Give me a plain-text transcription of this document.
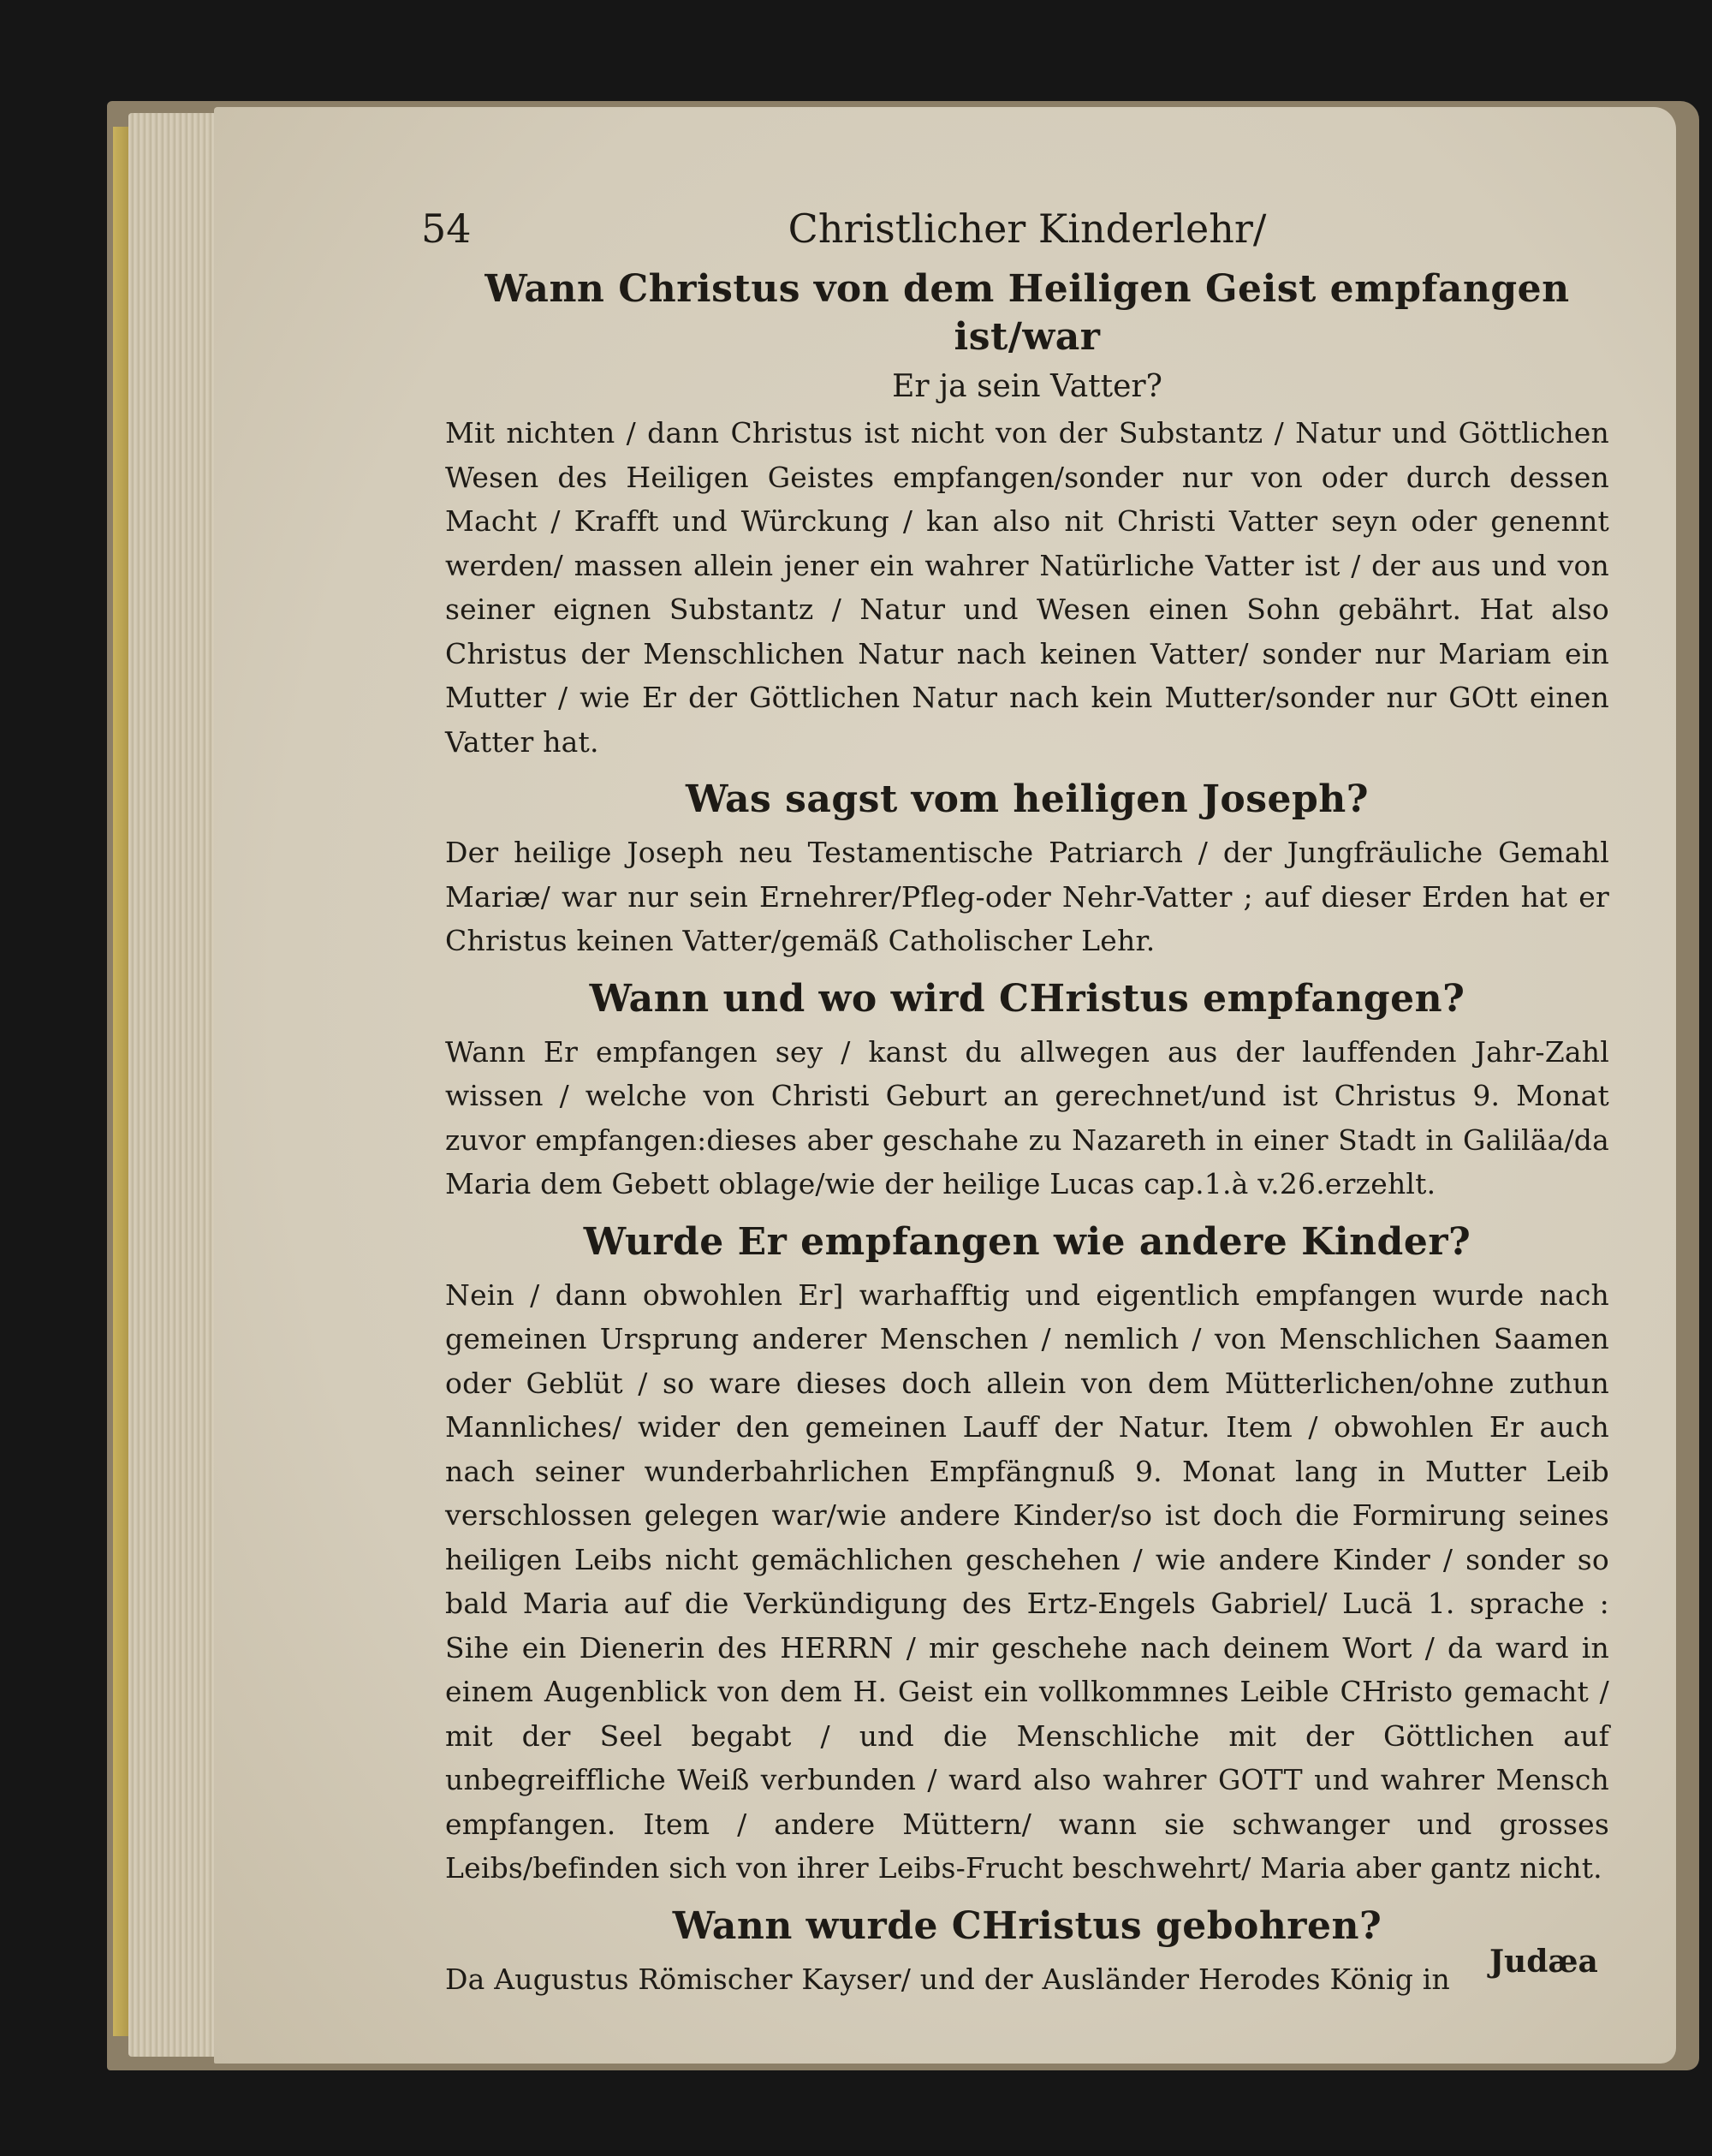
54	Christlicher Kinderlehr/
Wann Christus von dem Heiligen Geist empfangen ist/war
Er ja sein Vatter?

Mit nichten / dann Christus ist nicht von der Substantz / Natur und Göttlichen Wesen des Heiligen Geistes empfangen/sonder nur von oder durch dessen Macht / Krafft und Würckung / kan also nit Christi Vatter seyn oder genennt werden/ massen allein jener ein wahrer Natürliche Vatter ist / der aus und von seiner eignen Substantz / Natur und Wesen einen Sohn gebährt. Hat also Christus der Menschlichen Natur nach keinen Vatter/ sonder nur Mariam ein Mutter / wie Er der Göttlichen Natur nach kein Mutter/sonder nur GOtt einen Vatter hat.

Was sagst vom heiligen Joseph?

Der heilige Joseph neu Testamentische Patriarch / der Jungfräuliche Gemahl Mariæ/ war nur sein Ernehrer/Pfleg-oder Nehr-Vatter ; auf dieser Erden hat er Christus keinen Vatter/gemäß Catholischer Lehr.

Wann und wo wird CHristus empfangen?

Wann Er empfangen sey / kanst du allwegen aus der lauffenden Jahr-Zahl wissen / welche von Christi Geburt an gerechnet/und ist Christus 9. Monat zuvor empfangen:dieses aber geschahe zu Nazareth in einer Stadt in Galiläa/da Maria dem Gebett oblage/wie der heilige Lucas cap.1.à v.26.erzehlt.

Wurde Er empfangen wie andere Kinder?

Nein / dann obwohlen Er] warhafftig und eigentlich empfangen wurde nach gemeinen Ursprung anderer Menschen / nemlich / von Menschlichen Saamen oder Geblüt / so ware dieses doch allein von dem Mütterlichen/ohne zuthun Mannliches/ wider den gemeinen Lauff der Natur. Item / obwohlen Er auch nach seiner wunderbahrlichen Empfängnuß 9. Monat lang in Mutter Leib verschlossen gelegen war/wie andere Kinder/so ist doch die Formirung seines heiligen Leibs nicht gemächlichen geschehen / wie andere Kinder / sonder so bald Maria auf die Verkündigung des Ertz-Engels Gabriel/ Lucä 1. sprache : Sihe ein Dienerin des HERRN / mir geschehe nach deinem Wort / da ward in einem Augenblick von dem H. Geist ein vollkommnes Leible CHristo gemacht / mit der Seel begabt / und die Menschliche mit der Göttlichen auf unbegreiffliche Weiß verbunden / ward also wahrer GOTT und wahrer Mensch empfangen. Item / andere Müttern/ wann sie schwanger und grosses Leibs/befinden sich von ihrer Leibs-Frucht beschwehrt/ Maria aber gantz nicht.

Wann wurde CHristus gebohren?

Da Augustus Römischer Kayser/ und der Ausländer Herodes König in	Judæa
